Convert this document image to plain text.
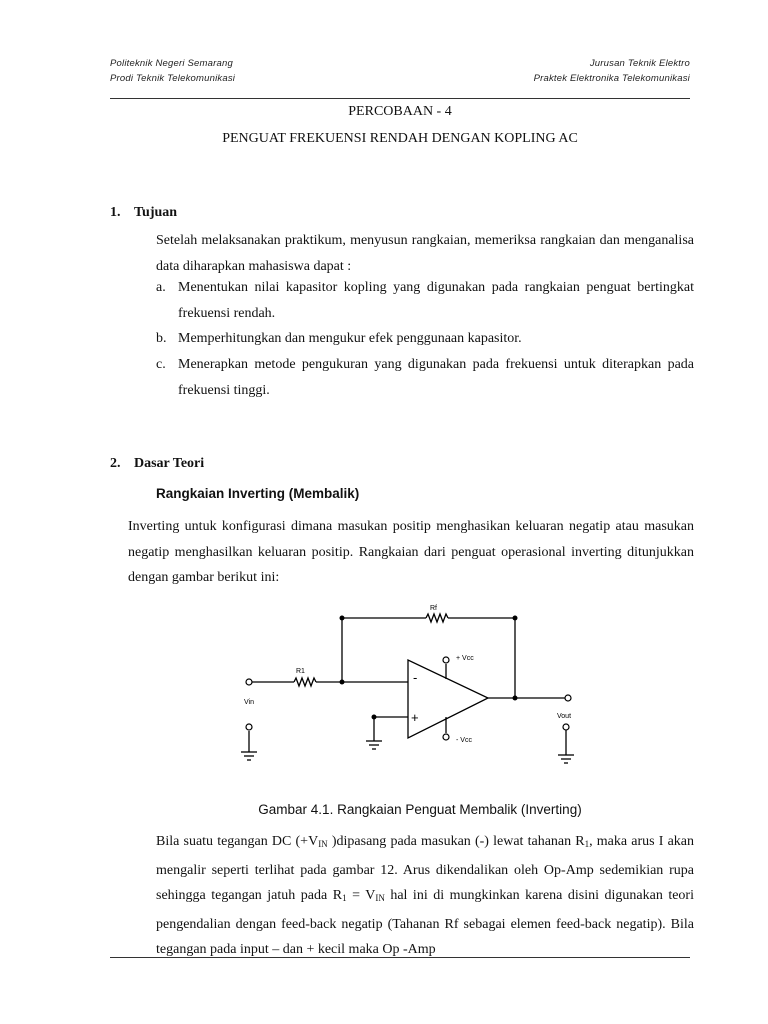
Politeknik Negeri Semarang
Prodi Teknik Telekomunikasi
Jurusan Teknik Elektro
Praktek Elektronika Telekomunikasi
PERCOBAAN - 4
PENGUAT FREKUENSI RENDAH DENGAN KOPLING AC
1. Tujuan
Setelah melaksanakan praktikum, menyusun rangkaian, memeriksa rangkaian dan menganalisa data diharapkan mahasiswa dapat :
a. Menentukan nilai kapasitor kopling yang digunakan pada rangkaian penguat bertingkat frekuensi rendah.
b. Memperhitungkan dan mengukur efek penggunaan kapasitor.
c. Menerapkan metode pengukuran yang digunakan pada frekuensi untuk diterapkan pada frekuensi tinggi.
2. Dasar Teori
Rangkaian Inverting (Membalik)
Inverting untuk konfigurasi dimana masukan positip menghasikan keluaran negatip atau masukan negatip menghasilkan keluaran positip. Rangkaian dari penguat operasional inverting ditunjukkan dengan gambar berikut ini:
Rf
R1
Vin
Vout
+ Vcc
- Vcc
-
+
Gambar 4.1. Rangkaian Penguat Membalik (Inverting)
Bila suatu tegangan DC ($+V_{IN}$ )dipasang pada masukan (-) lewat tahanan $R_1$, maka arus I akan mengalir seperti terlihat pada gambar 12. Arus dikendalikan oleh Op-Amp sedemikian rupa sehingga tegangan jatuh pada $R_1 = V_{IN}$ hal ini di mungkinkan karena disini digunakan teori pengendalian dengan feed-back negatip (Tahanan Rf sebagai elemen feed-back negatip). Bila tegangan pada input – dan + kecil maka Op -Amp
